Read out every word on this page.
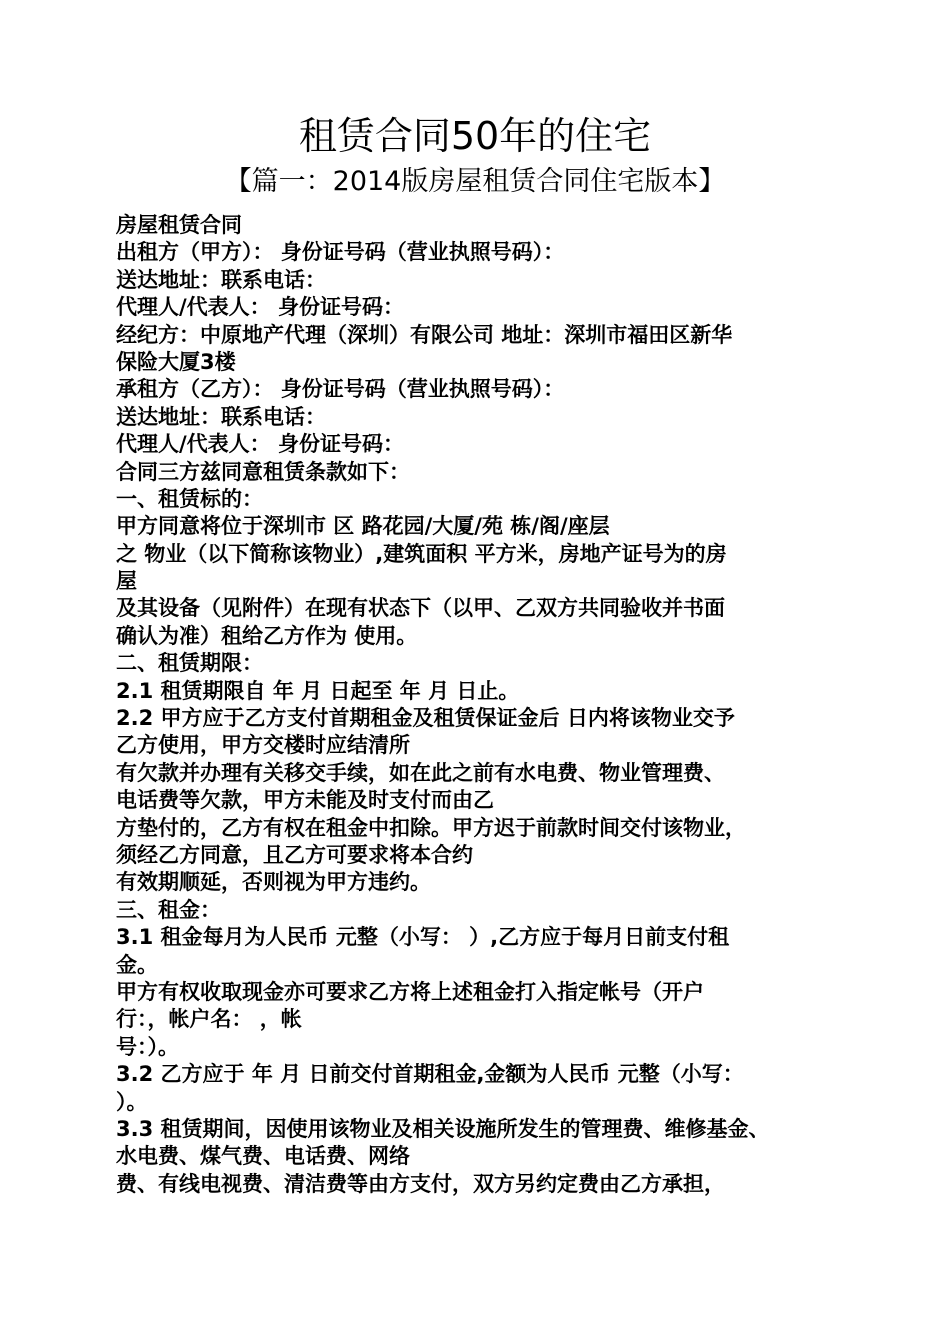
租赁合同50年的住宅
【篇一：2014版房屋租赁合同住宅版本】
房屋租赁合同
出租方（甲方）： 身份证号码（营业执照号码）：
送达地址：联系电话：
代理人/代表人： 身份证号码：
经纪方：中原地产代理（深圳）有限公司 地址：深圳市福田区新华
保险大厦3楼
承租方（乙方）： 身份证号码（营业执照号码）：
送达地址：联系电话：
代理人/代表人： 身份证号码：
合同三方兹同意租赁条款如下：
一、租赁标的：
甲方同意将位于深圳市 区 路花园/大厦/苑 栋/阁/座层
之 物业（以下简称该物业）,建筑面积 平方米，房地产证号为的房
屋
及其设备（见附件）在现有状态下（以甲、乙双方共同验收并书面
确认为准）租给乙方作为 使用。
二、租赁期限：
2.1 租赁期限自 年 月 日起至 年 月 日止。
2.2 甲方应于乙方支付首期租金及租赁保证金后 日内将该物业交予
乙方使用，甲方交楼时应结清所
有欠款并办理有关移交手续，如在此之前有水电费、物业管理费、
电话费等欠款，甲方未能及时支付而由乙
方垫付的，乙方有权在租金中扣除。甲方迟于前款时间交付该物业，
须经乙方同意，且乙方可要求将本合约
有效期顺延，否则视为甲方违约。
三、租金：
3.1 租金每月为人民币 元整（小写： ）,乙方应于每月日前支付租
金。
甲方有权收取现金亦可要求乙方将上述租金打入指定帐号（开户
行：，帐户名： ，帐
号：）。
3.2 乙方应于 年 月 日前交付首期租金,金额为人民币 元整（小写：
）。
3.3 租赁期间，因使用该物业及相关设施所发生的管理费、维修基金、
水电费、煤气费、电话费、网络
费、有线电视费、清洁费等由方支付，双方另约定费由乙方承担，
